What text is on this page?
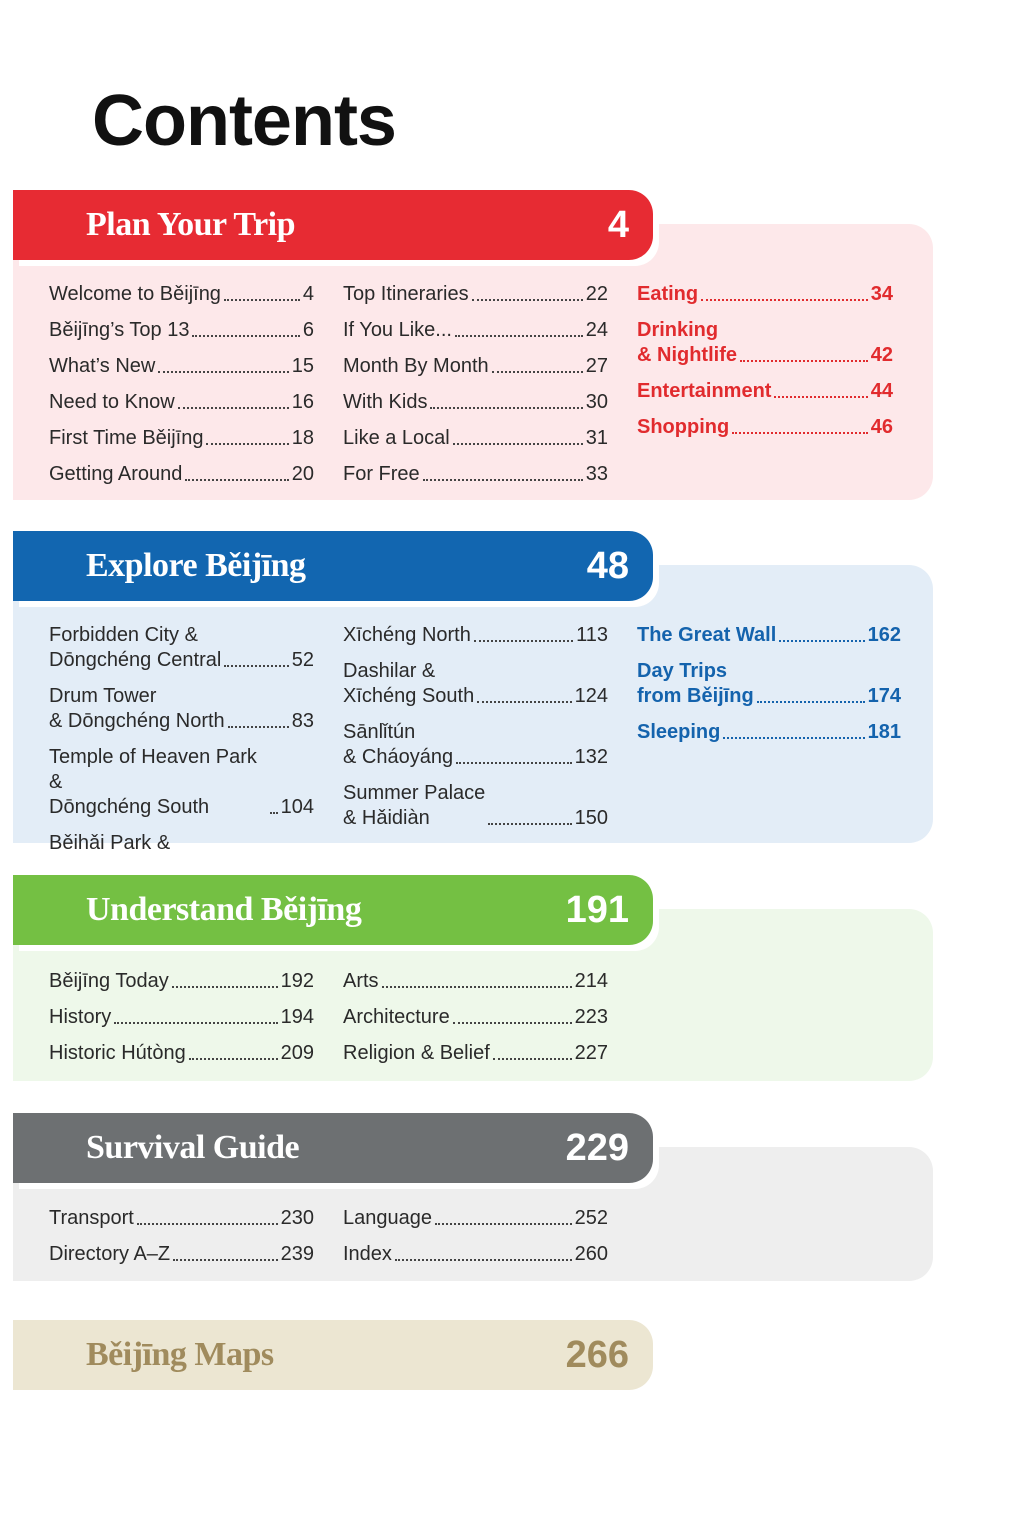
Contents
Plan Your Trip	4
Welcome to Běijīng	4
Běijīng’s Top 13	6
What’s New	15
Need to Know	16
First Time Běijīng	18
Getting Around	20
Top Itineraries	22
If You Like...	24
Month By Month	27
With Kids	30
Like a Local	31
For Free	33
Eating	34
Drinking
& Nightlife	42
Entertainment	44
Shopping	46
Explore Běijīng	48
Forbidden City &
Dōngchéng Central	52
Drum Tower
& Dōngchéng North	83
Temple of Heaven Park &
Dōngchéng South	104
Běihǎi Park &
Xīchéng North	113
Dashilar &
Xīchéng South	124
Sānlǐtún
& Cháoyáng	132
Summer Palace
& Hǎidiàn	150
The Great Wall	162
Day Trips
from Běijīng	174
Sleeping	181
Understand Běijīng	191
Běijīng Today	192
History	194
Historic Hútòng	209
Arts	214
Architecture	223
Religion & Belief	227
Survival Guide	229
Transport	230
Directory A–Z	239
Language	252
Index	260
Běijīng Maps	266
